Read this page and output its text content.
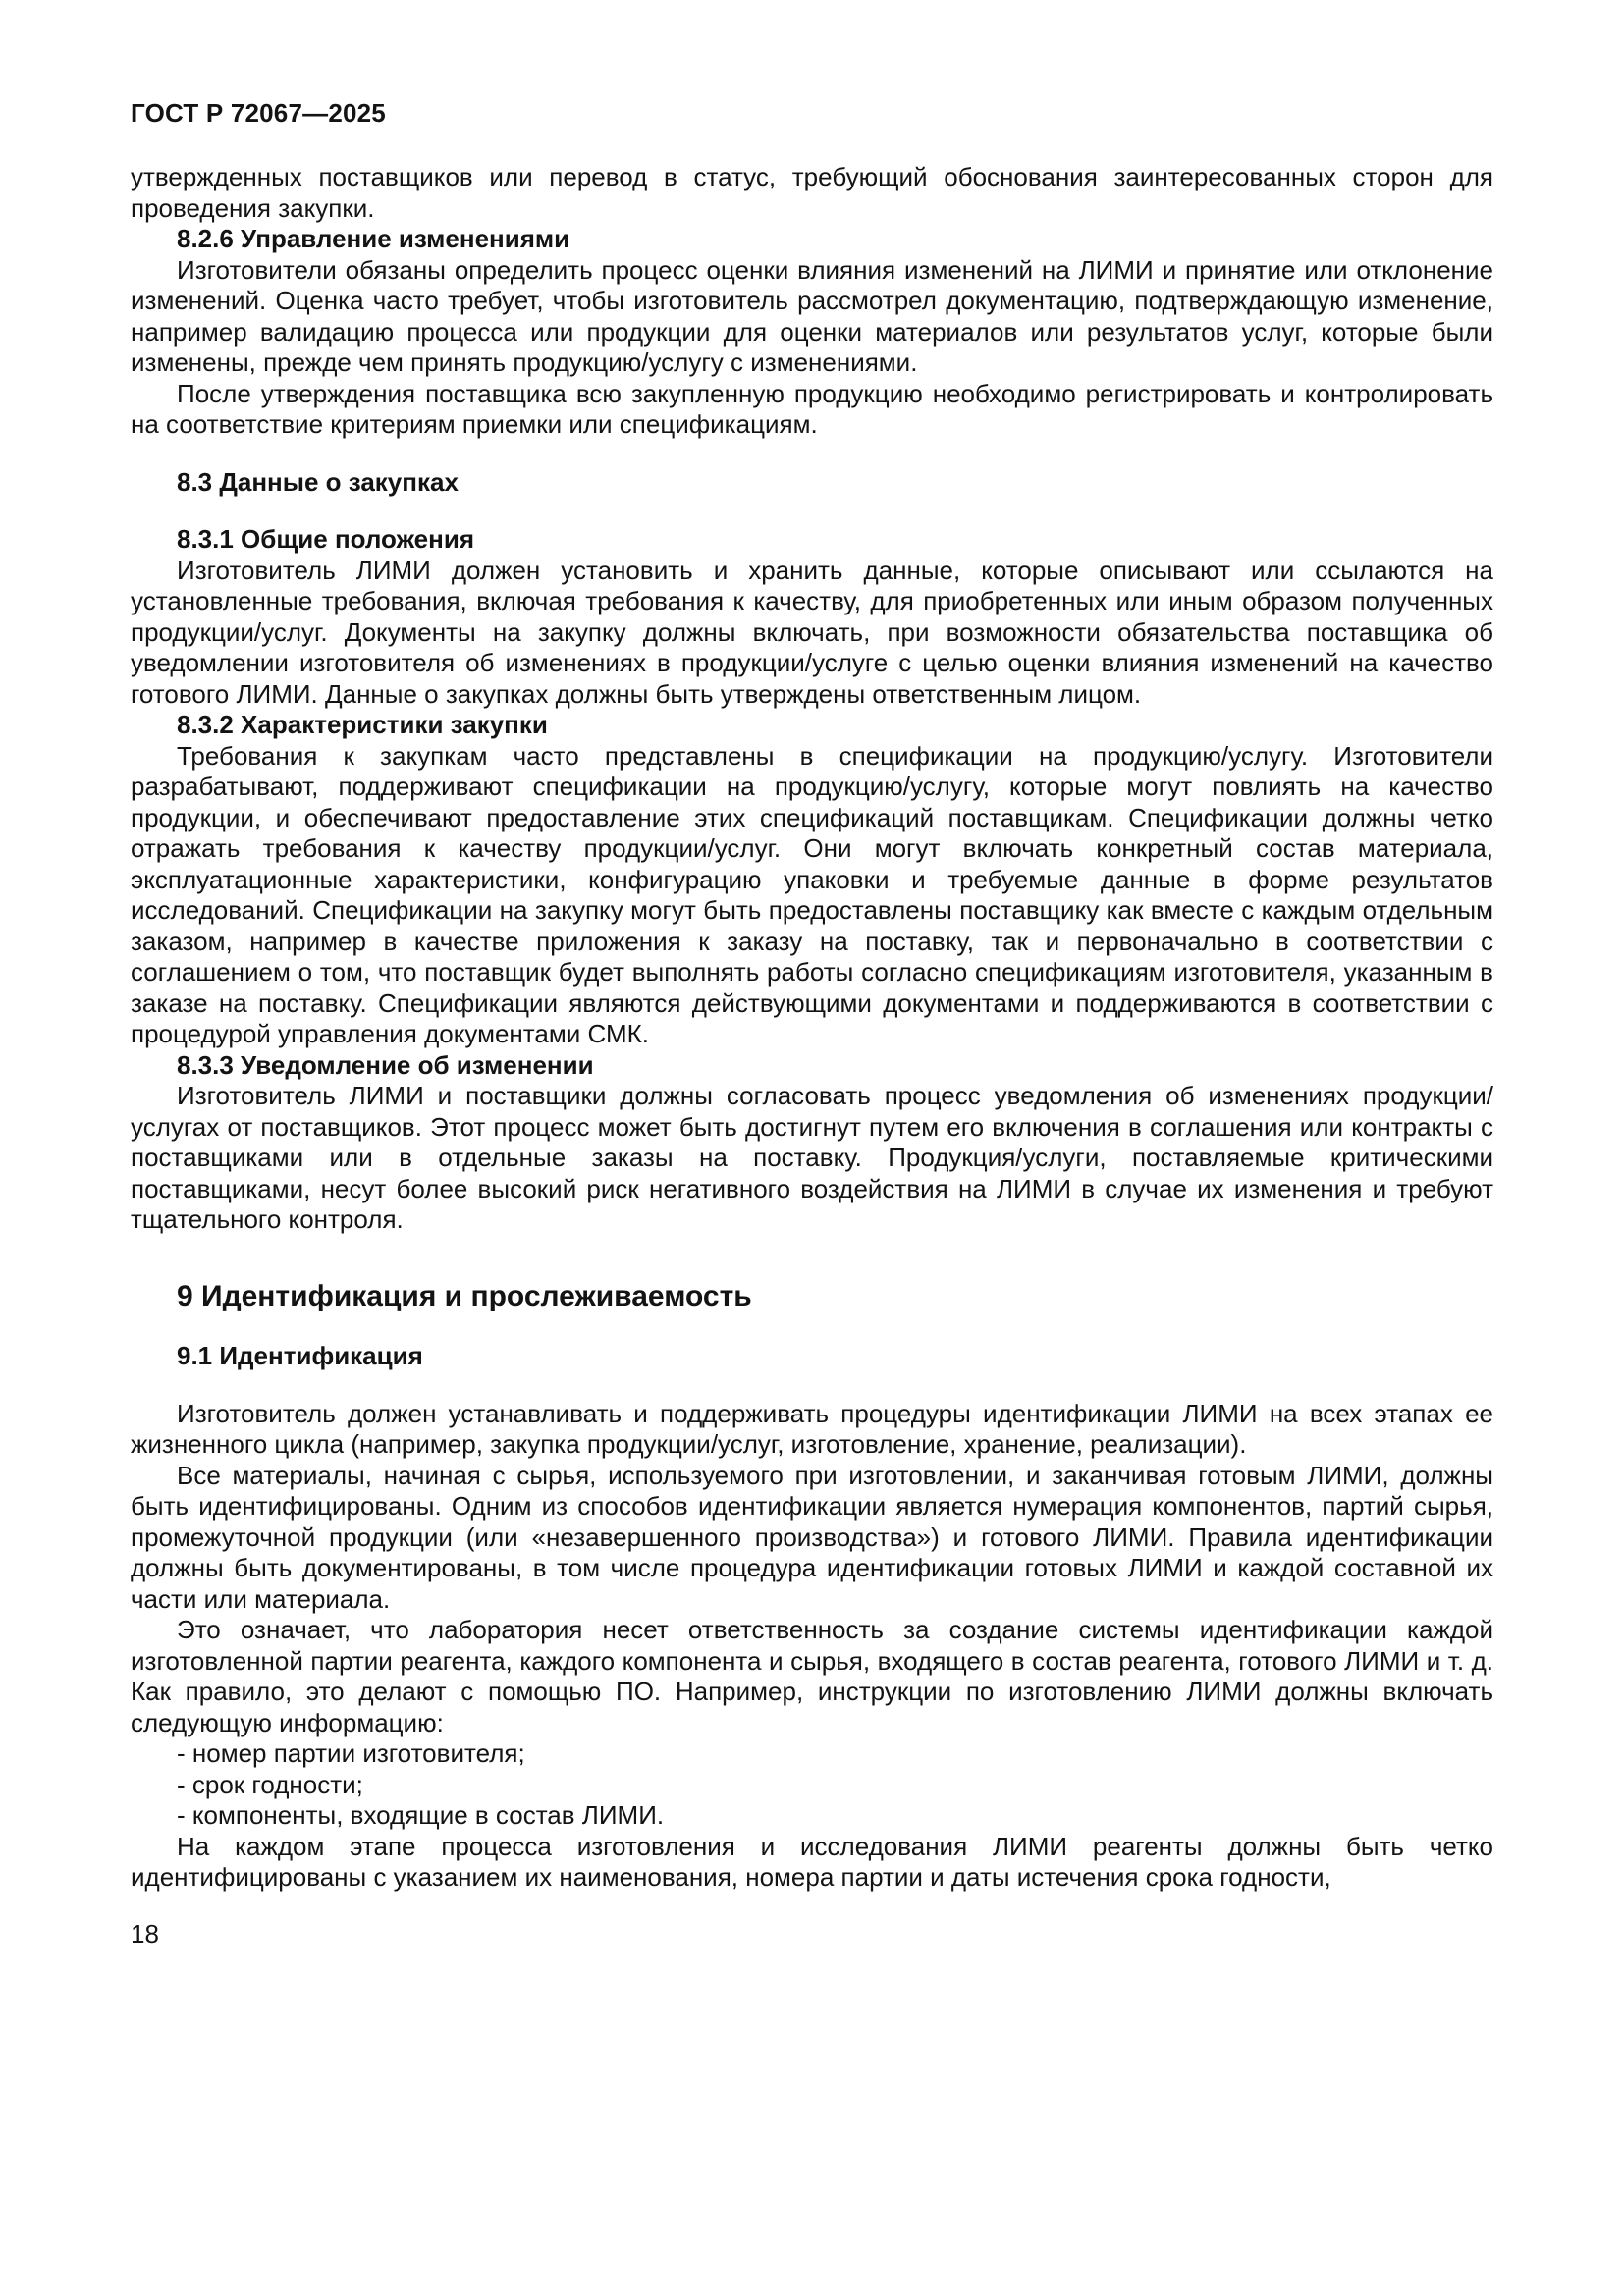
ГОСТ Р 72067—2025

утвержденных поставщиков или перевод в статус, требующий обоснования заинтересованных сторон для проведения закупки.

8.2.6 Управление изменениями

Изготовители обязаны определить процесс оценки влияния изменений на ЛИМИ и принятие или отклонение изменений. Оценка часто требует, чтобы изготовитель рассмотрел документацию, подтверждающую изменение, например валидацию процесса или продукции для оценки материалов или результатов услуг, которые были изменены, прежде чем принять продукцию/услугу с изменениями.

После утверждения поставщика всю закупленную продукцию необходимо регистрировать и контролировать на соответствие критериям приемки или спецификациям.

8.3 Данные о закупках
8.3.1 Общие положения

Изготовитель ЛИМИ должен установить и хранить данные, которые описывают или ссылаются на установленные требования, включая требования к качеству, для приобретенных или иным образом полученных продукции/услуг. Документы на закупку должны включать, при возможности обязательства поставщика об уведомлении изготовителя об изменениях в продукции/услуге с целью оценки влияния изменений на качество готового ЛИМИ. Данные о закупках должны быть утверждены ответственным лицом.

8.3.2 Характеристики закупки

Требования к закупкам часто представлены в спецификации на продукцию/услугу. Изготовители разрабатывают, поддерживают спецификации на продукцию/услугу, которые могут повлиять на качество продукции, и обеспечивают предоставление этих спецификаций поставщикам. Спецификации должны четко отражать требования к качеству продукции/услуг. Они могут включать конкретный состав материала, эксплуатационные характеристики, конфигурацию упаковки и требуемые данные в форме результатов исследований. Спецификации на закупку могут быть предоставлены поставщику как вместе с каждым отдельным заказом, например в качестве приложения к заказу на поставку, так и первоначально в соответствии с соглашением о том, что поставщик будет выполнять работы согласно спецификациям изготовителя, указанным в заказе на поставку. Спецификации являются действующими документами и поддерживаются в соответствии с процедурой управления документами СМК.

8.3.3 Уведомление об изменении

Изготовитель ЛИМИ и поставщики должны согласовать процесс уведомления об изменениях продукции/услугах от поставщиков. Этот процесс может быть достигнут путем его включения в соглашения или контракты с поставщиками или в отдельные заказы на поставку. Продукция/услуги, поставляемые критическими поставщиками, несут более высокий риск негативного воздействия на ЛИМИ в случае их изменения и требуют тщательного контроля.

9 Идентификация и прослеживаемость
9.1 Идентификация

Изготовитель должен устанавливать и поддерживать процедуры идентификации ЛИМИ на всех этапах ее жизненного цикла (например, закупка продукции/услуг, изготовление, хранение, реализации).

Все материалы, начиная с сырья, используемого при изготовлении, и заканчивая готовым ЛИМИ, должны быть идентифицированы. Одним из способов идентификации является нумерация компонентов, партий сырья, промежуточной продукции (или «незавершенного производства») и готового ЛИМИ. Правила идентификации должны быть документированы, в том числе процедура идентификации готовых ЛИМИ и каждой составной их части или материала.

Это означает, что лаборатория несет ответственность за создание системы идентификации каждой изготовленной партии реагента, каждого компонента и сырья, входящего в состав реагента, готового ЛИМИ и т. д. Как правило, это делают с помощью ПО. Например, инструкции по изготовлению ЛИМИ должны включать следующую информацию:

- номер партии изготовителя;

- срок годности;

- компоненты, входящие в состав ЛИМИ.

На каждом этапе процесса изготовления и исследования ЛИМИ реагенты должны быть четко идентифицированы с указанием их наименования, номера партии и даты истечения срока годности,

18
